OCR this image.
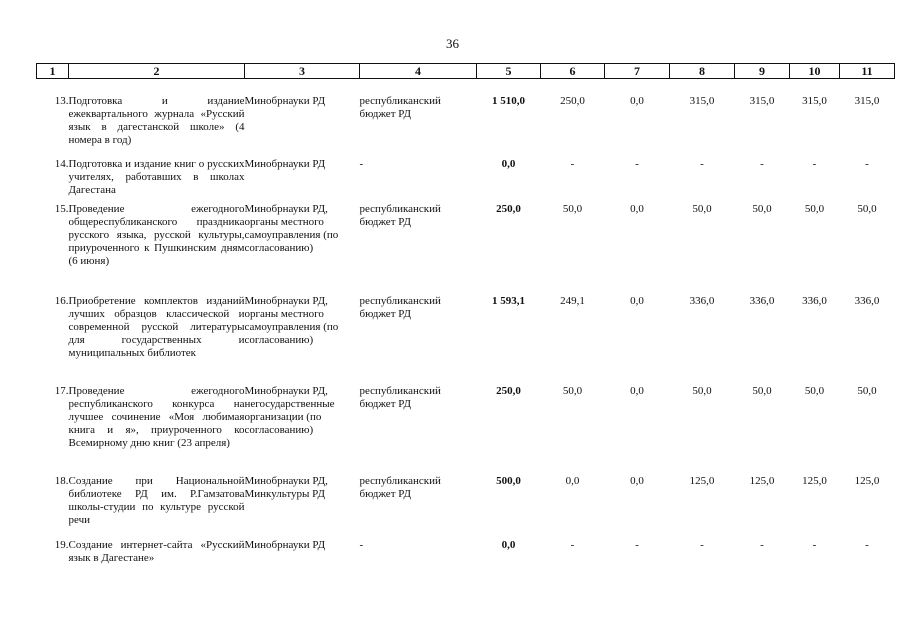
36
1	2	3	4	5	6	7	8	9	10	11
13.	Подготовка и издание ежеквартального журнала «Русский язык в дагестанской школе» (4 номера в год)	Минобрнауки РД	республиканский бюджет РД	1 510,0	250,0	0,0	315,0	315,0	315,0	315,0
14.	Подготовка и издание книг о русских учителях, работавших в школах Дагестана	Минобрнауки РД	-	0,0	-	-	-	-	-	-
15.	Проведение ежегодного общереспубликанского праздника русского языка, русской культуры, приуроченного к Пушкинским дням (6 июня)	Минобрнауки РД, органы местного самоуправления (по согласованию)	республиканский бюджет РД	250,0	50,0	0,0	50,0	50,0	50,0	50,0
16.	Приобретение комплектов изданий лучших образцов классической и современной русской литературы для государственных и муниципальных библиотек	Минобрнауки РД, органы местного самоуправления (по согласованию)	республиканский бюджет РД	1 593,1	249,1	0,0	336,0	336,0	336,0	336,0
17.	Проведение ежегодного республиканского конкурса на лучшее сочинение «Моя любимая книга и я», приуроченного ко Всемирному дню книг (23 апреля)	Минобрнауки РД, негосударственные организации (по согласованию)	республиканский бюджет РД	250,0	50,0	0,0	50,0	50,0	50,0	50,0
18.	Создание при Национальной библиотеке РД им. Р.Гамзатова школы-студии по культуре русской речи	Минобрнауки РД, Минкультуры РД	республиканский бюджет РД	500,0	0,0	0,0	125,0	125,0	125,0	125,0
19.	Создание интернет-сайта «Русский язык в Дагестане»	Минобрнауки РД	-	0,0	-	-	-	-	-	-
